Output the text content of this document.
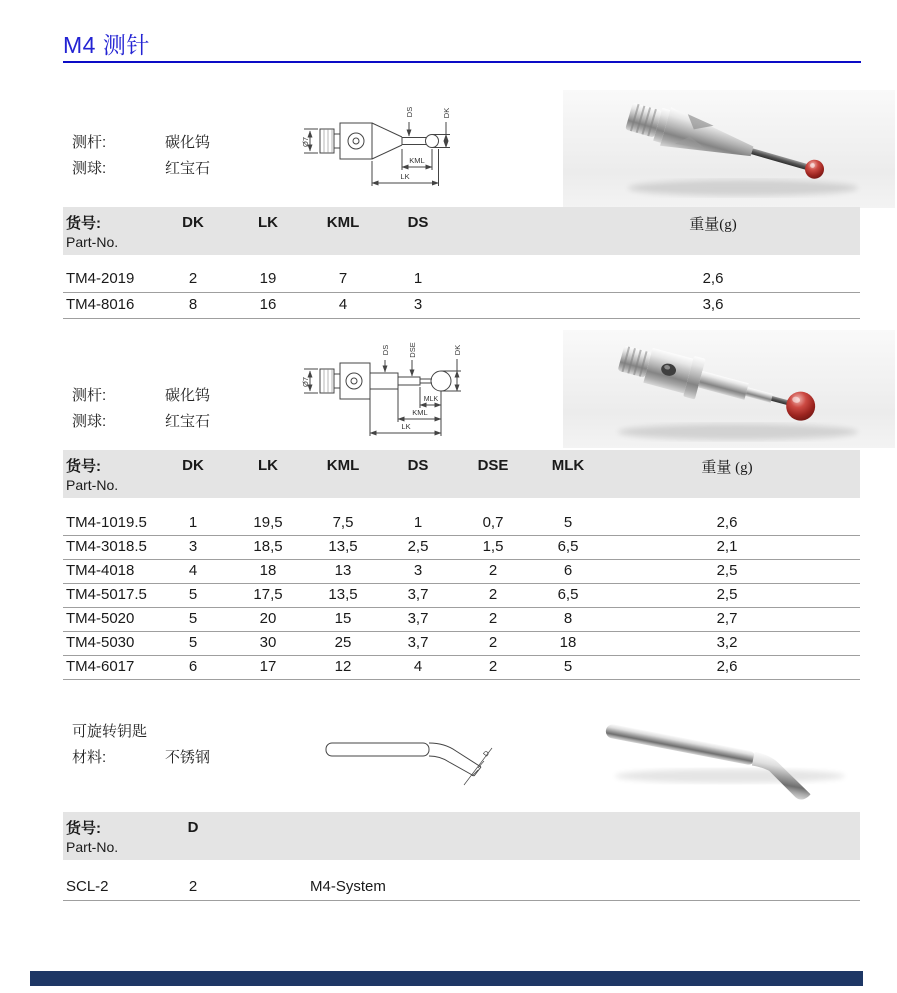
M4 测针
测杆:	碳化钨
测球:	红宝石
Ø7
DS	DK
KML
LK
测杆:	碳化钨
测球:	红宝石
Ø7
DS DSE	DK
MLK
KML
LK
可旋转钥匙
材料:	不锈钢	D
货号:
Part-No.
DK	LK	KML	DS	重量(g)
TM4-2019	2	19	7	1	2,6
TM4-8016	8	16	4	3	3,6
货号:
Part-No.
DK	LK	KML	DS	DSE	MLK	重量 (g)
TM4-1019.5	1	19,5	7,5	1	0,7	5	2,6
TM4-3018.5	3	18,5	13,5	2,5	1,5	6,5	2,1
TM4-4018	4	18	13	3	2	6	2,5
TM4-5017.5	5	17,5	13,5	3,7	2	6,5	2,5
TM4-5020	5	20	15	3,7	2	8	2,7
TM4-5030	5	30	25	3,7	2	18	3,2
TM4-6017	6	17	12	4	2	5	2,6
货号:
Part-No.
D
SCL-2	2	M4-System
